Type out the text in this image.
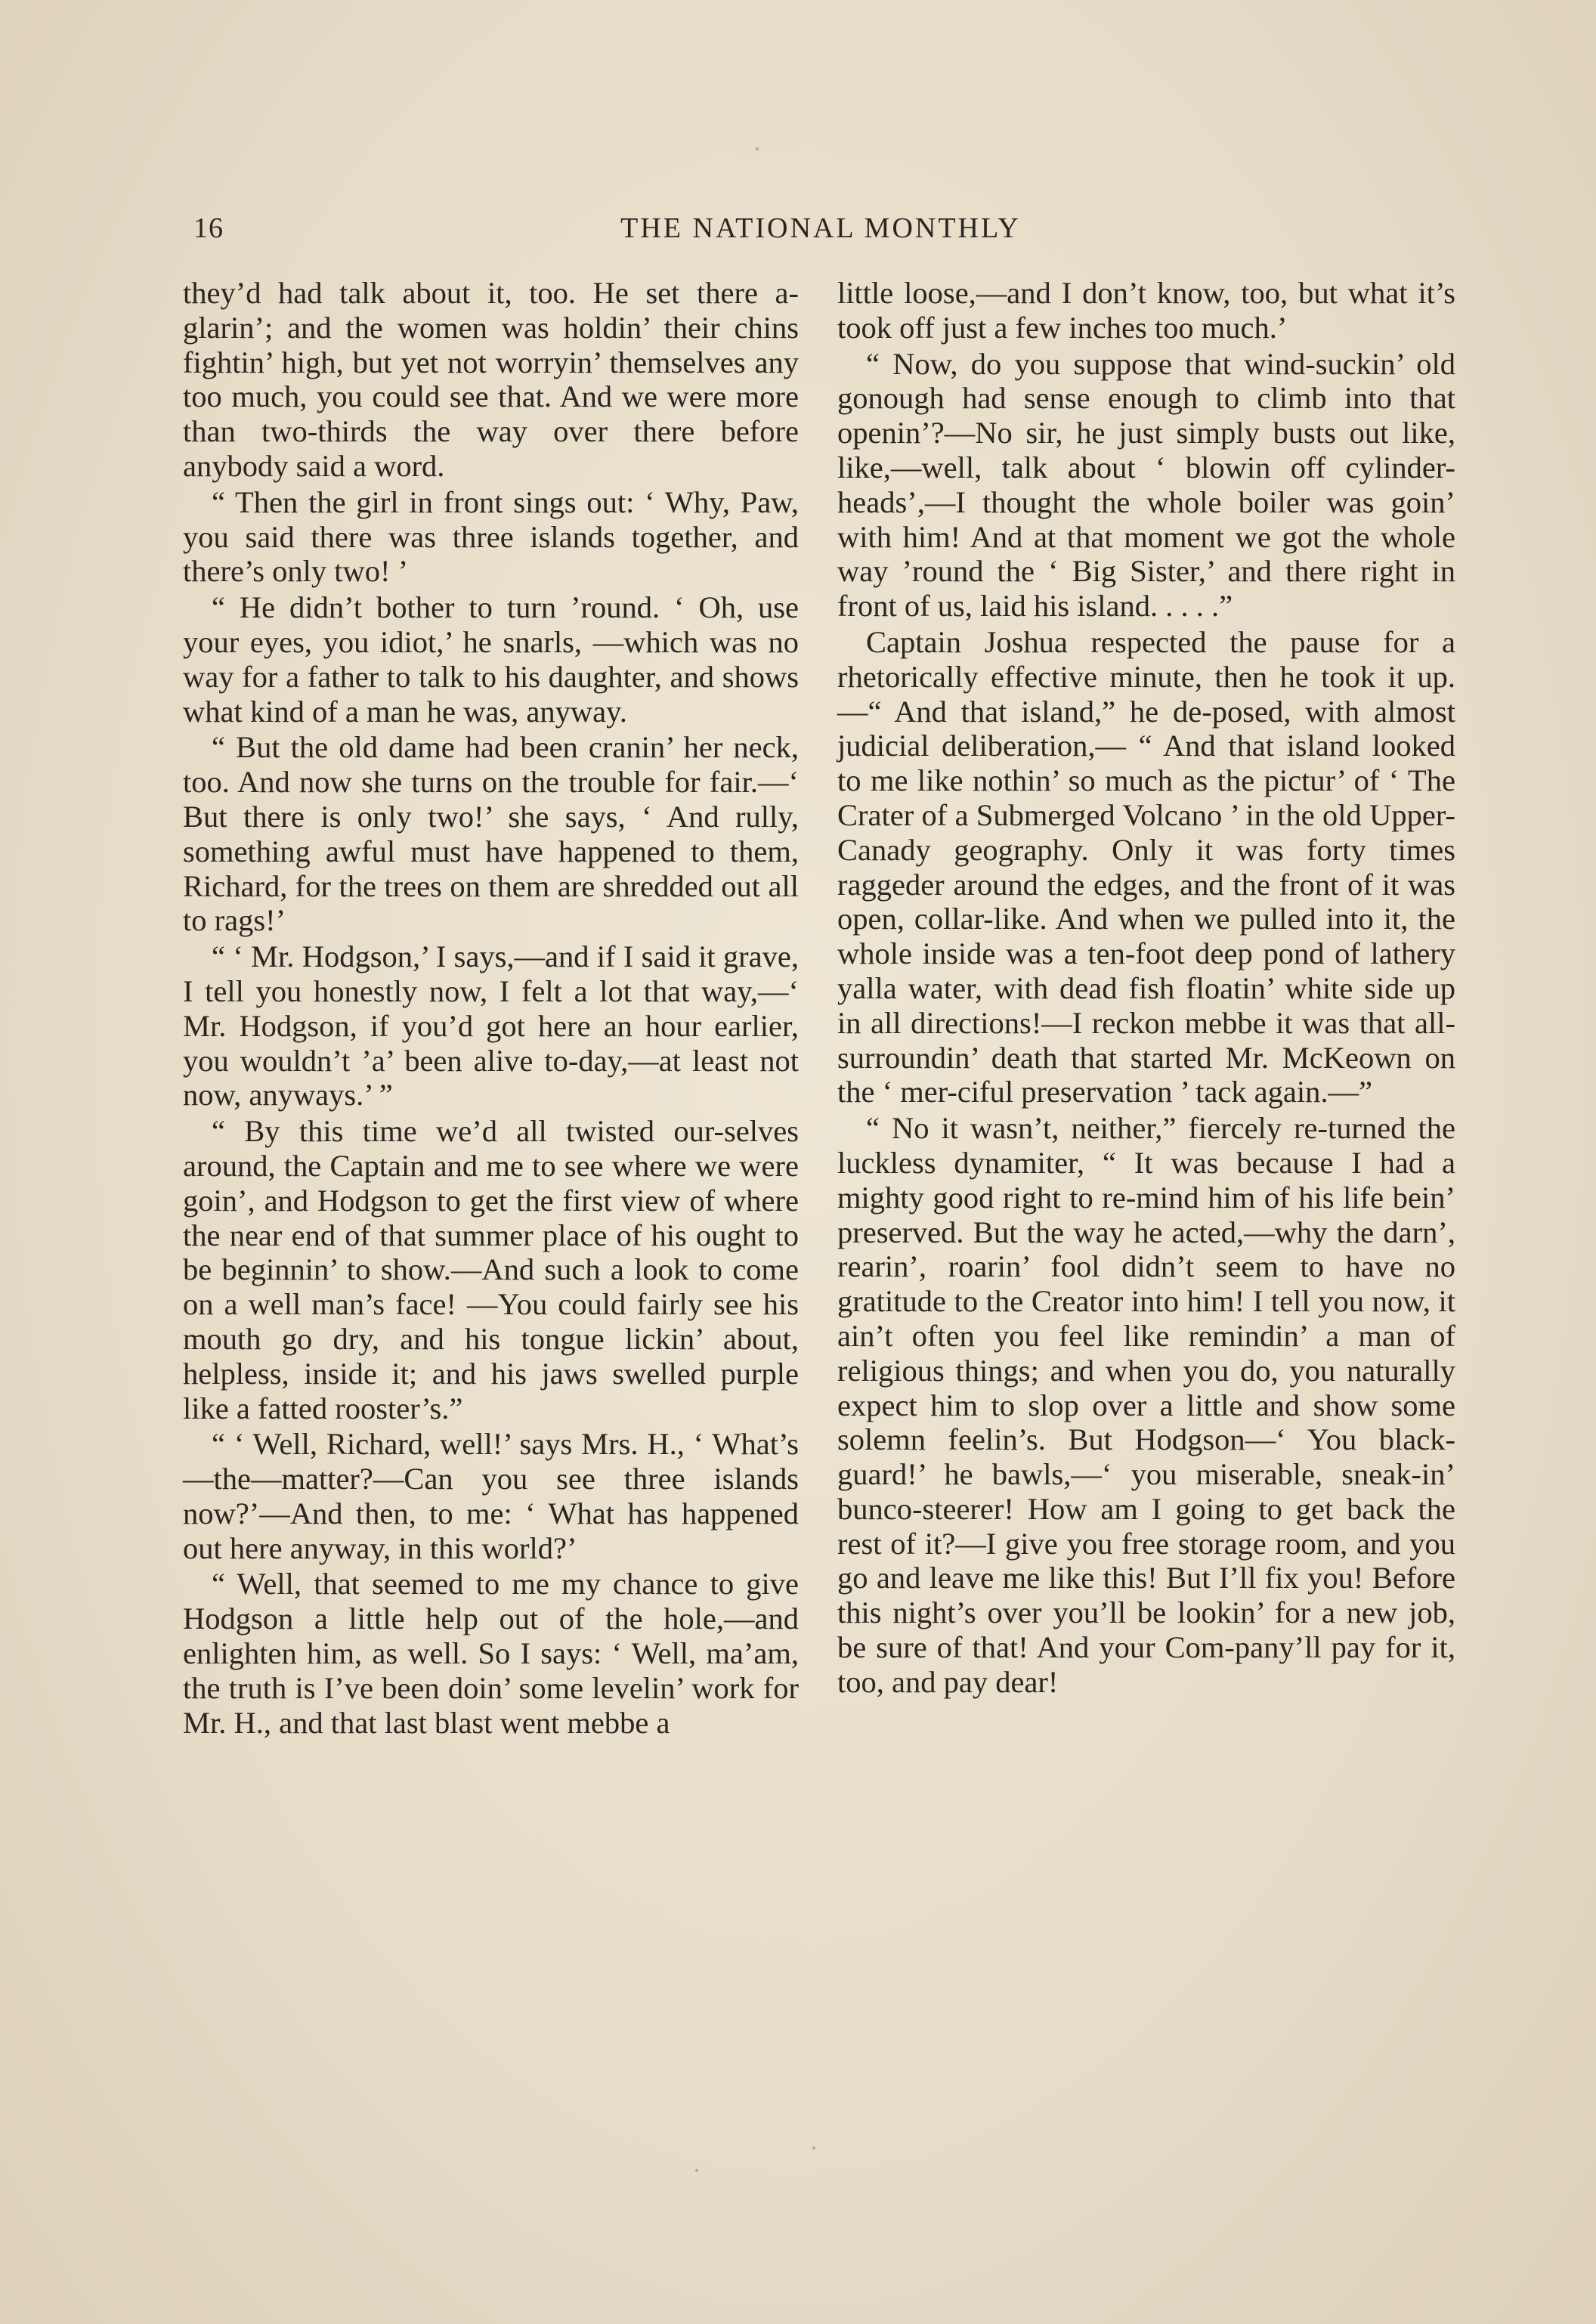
16	THE NATIONAL MONTHLY

they’d had talk about it, too. He set there a-glarin’; and the women was holdin’ their chins fightin’ high, but yet not worryin’ themselves any too much, you could see that. And we were more than two-thirds the way over there before anybody said a word.

“ Then the girl in front sings out: ‘ Why, Paw, you said there was three islands together, and there’s only two! ’

“ He didn’t bother to turn ’round. ‘ Oh, use your eyes, you idiot,’ he snarls, —which was no way for a father to talk to his daughter, and shows what kind of a man he was, anyway.

“ But the old dame had been cranin’ her neck, too. And now she turns on the trouble for fair.—‘ But there is only two!’ she says, ‘ And rully, something awful must have happened to them, Richard, for the trees on them are shredded out all to rags!’

“ ‘ Mr. Hodgson,’ I says,—and if I said it grave, I tell you honestly now, I felt a lot that way,—‘ Mr. Hodgson, if you’d got here an hour earlier, you wouldn’t ’a’ been alive to-day,—at least not now, anyways.’ ”

“ By this time we’d all twisted our-selves around, the Captain and me to see where we were goin’, and Hodgson to get the first view of where the near end of that summer place of his ought to be beginnin’ to show.—And such a look to come on a well man’s face! —You could fairly see his mouth go dry, and his tongue lickin’ about, helpless, inside it; and his jaws swelled purple like a fatted rooster’s.”

“ ‘ Well, Richard, well!’ says Mrs. H., ‘ What’s—the—matter?—Can you see three islands now?’—And then, to me: ‘ What has happened out here anyway, in this world?’

“ Well, that seemed to me my chance to give Hodgson a little help out of the hole,—and enlighten him, as well. So I says: ‘ Well, ma’am, the truth is I’ve been doin’ some levelin’ work for Mr. H., and that last blast went mebbe a

little loose,—and I don’t know, too, but what it’s took off just a few inches too much.’

“ Now, do you suppose that wind-suckin’ old gonough had sense enough to climb into that openin’?—No sir, he just simply busts out like, like,—well, talk about ‘ blowin off cylinder-heads’,—I thought the whole boiler was goin’ with him! And at that moment we got the whole way ’round the ‘ Big Sister,’ and there right in front of us, laid his island. . . . .”

Captain Joshua respected the pause for a rhetorically effective minute, then he took it up.—“ And that island,” he de-posed, with almost judicial deliberation,— “ And that island looked to me like nothin’ so much as the pictur’ of ‘ The Crater of a Submerged Volcano ’ in the old Upper-Canady geography. Only it was forty times raggeder around the edges, and the front of it was open, collar-like. And when we pulled into it, the whole inside was a ten-foot deep pond of lathery yalla water, with dead fish floatin’ white side up in all directions!—I reckon mebbe it was that all-surroundin’ death that started Mr. McKeown on the ‘ mer-ciful preservation ’ tack again.—”

“ No it wasn’t, neither,” fiercely re-turned the luckless dynamiter, “ It was because I had a mighty good right to re-mind him of his life bein’ preserved. But the way he acted,—why the darn’, rearin’, roarin’ fool didn’t seem to have no gratitude to the Creator into him! I tell you now, it ain’t often you feel like remindin’ a man of religious things; and when you do, you naturally expect him to slop over a little and show some solemn feelin’s. But Hodgson—‘ You black-guard!’ he bawls,—‘ you miserable, sneak-in’ bunco-steerer! How am I going to get back the rest of it?—I give you free storage room, and you go and leave me like this! But I’ll fix you! Before this night’s over you’ll be lookin’ for a new job, be sure of that! And your Com-pany’ll pay for it, too, and pay dear!
